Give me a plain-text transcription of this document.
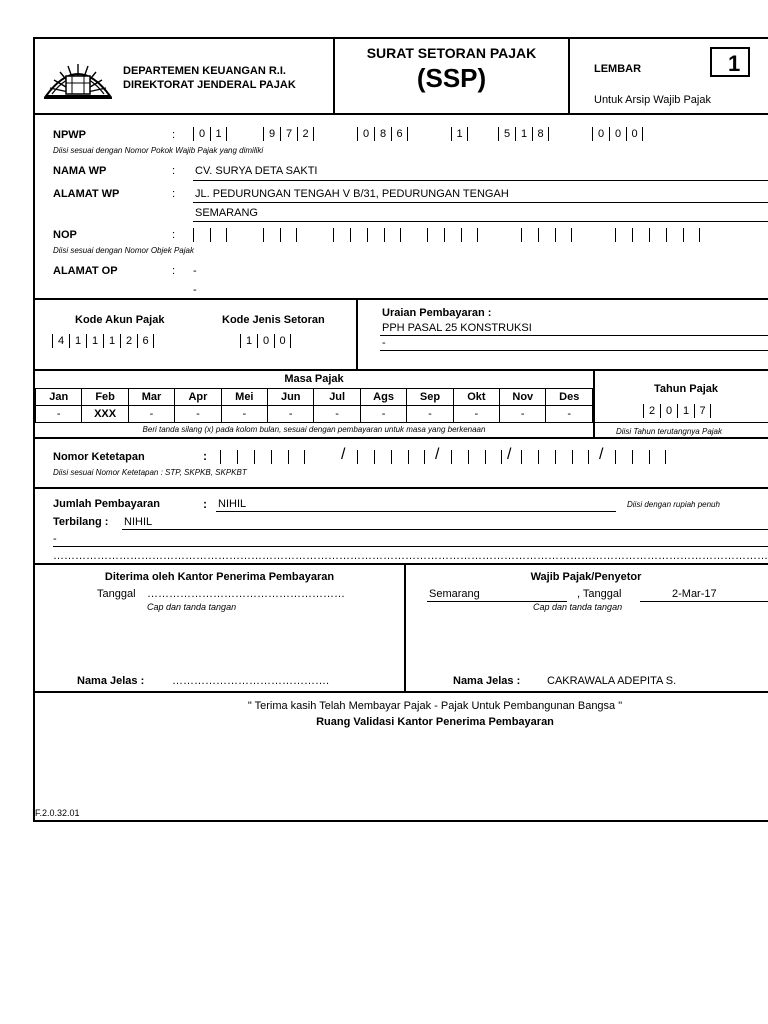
DEPARTEMEN KEUANGAN R.I.
DIREKTORAT JENDERAL PAJAK
SURAT SETORAN PAJAK
(SSP)	LEMBAR	1
Untuk Arsip Wajib Pajak
NPWP	:	0 1	9 7 2	0 8 6	1	5 1 8	0 0 0
Diisi sesuai dengan Nomor Pokok Wajib Pajak yang dimiliki
NAMA WP	: CV. SURYA DETA SAKTI
ALAMAT WP	: JL. PEDURUNGAN TENGAH V B/31, PEDURUNGAN TENGAH
SEMARANG
NOP	:
Diisi sesuai dengan Nomor Objek Pajak
ALAMAT OP	: -
-
Kode Akun Pajak
4 1 1 1 2 6
Kode Jenis Setoran
1 0 0
Uraian Pembayaran :
PPH PASAL 25 KONSTRUKSI
-
Masa Pajak
Jan	Feb	Mar	Apr	Mei	Jun	Jul	Ags	Sep	Okt	Nov	Des
-	XXX	-	-	-	-	-	-	-	-	-	-
Beri tanda silang (x) pada kolom bulan, sesuai dengan pembayaran untuk masa yang berkenaan
Tahun Pajak
2 0 1 7
Diisi Tahun terutangnya Pajak
Nomor Ketetapan	:	/	/	/	/
Diisi sesuai Nomor Ketetapan : STP, SKPKB, SKPKBT
Jumlah Pembayaran	: NIHIL	Diisi dengan rupiah penuh
Terbilang : NIHIL
-
……………………………………………………………………………………………………………………………………………………………………………
Diterima oleh Kantor Penerima Pembayaran
Tanggal ………………………………………………
Cap dan tanda tangan
Nama Jelas :	…………………………………….
Wajib Pajak/Penyetor
Semarang	, Tanggal	2-Mar-17
Cap dan tanda tangan
Nama Jelas : CAKRAWALA ADEPITA S.
" Terima kasih Telah Membayar Pajak - Pajak Untuk Pembangunan Bangsa "
Ruang Validasi Kantor Penerima Pembayaran
F.2.0.32.01
